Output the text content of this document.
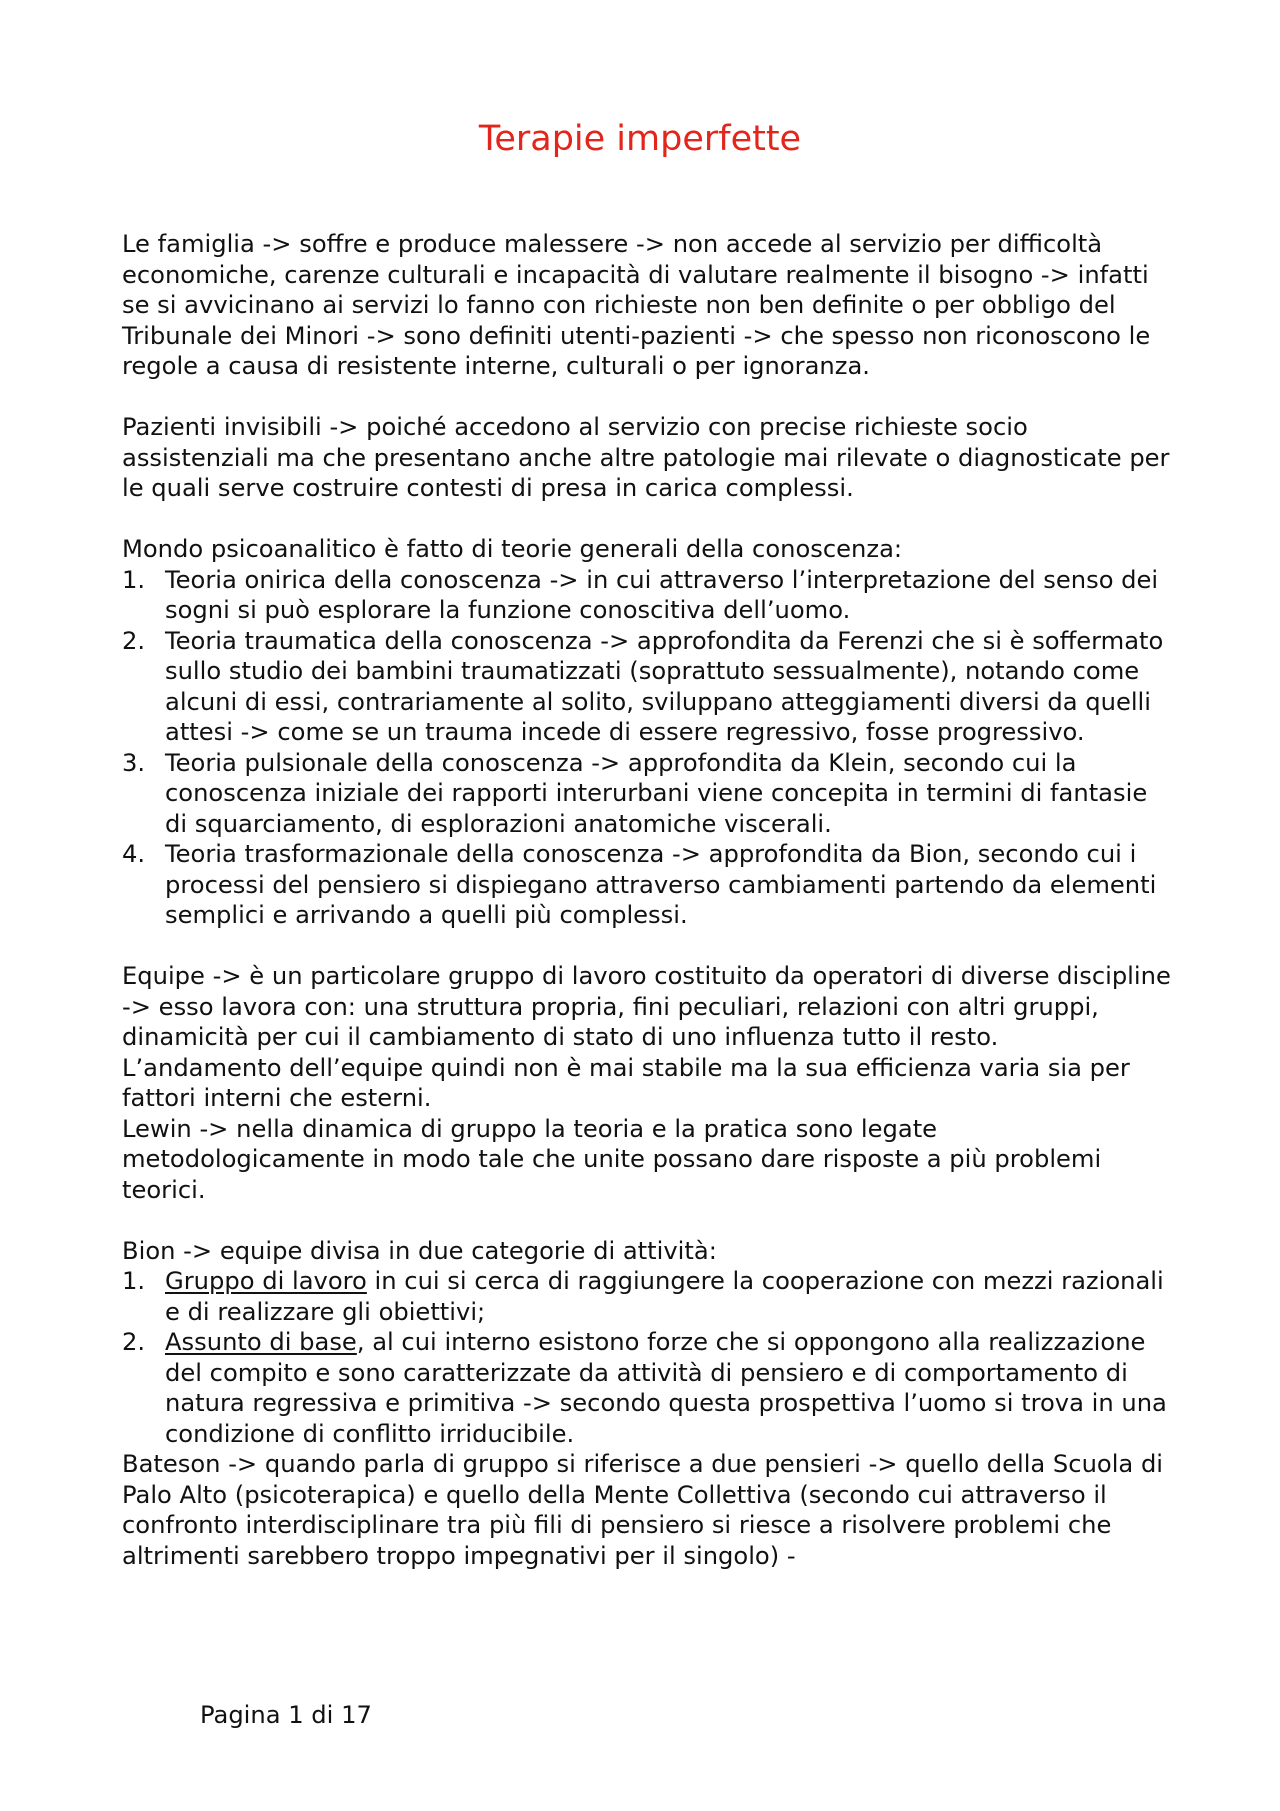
Terapie imperfette

Le famiglia -> soffre e produce malessere -> non accede al servizio per difficoltà economiche, carenze culturali e incapacità di valutare realmente il bisogno -> infatti se si avvicinano ai servizi lo fanno con richieste non ben definite o per obbligo del Tribunale dei Minori -> sono definiti utenti-pazienti -> che spesso non riconoscono le regole a causa di resistente interne, culturali o per ignoranza.

Pazienti invisibili -> poiché accedono al servizio con precise richieste socio assistenziali ma che presentano anche altre patologie mai rilevate o diagnosticate per le quali serve costruire contesti di presa in carica complessi.

Mondo psicoanalitico è fatto di teorie generali della conoscenza:

1. Teoria onirica della conoscenza -> in cui attraverso l’interpretazione del senso dei sogni si può esplorare la funzione conoscitiva dell’uomo.
2. Teoria traumatica della conoscenza -> approfondita da Ferenzi che si è soffermato sullo studio dei bambini traumatizzati (soprattuto sessualmente), notando come alcuni di essi, contrariamente al solito, sviluppano atteggiamenti diversi da quelli attesi -> come se un trauma incede di essere regressivo, fosse progressivo.
3. Teoria pulsionale della conoscenza -> approfondita da Klein, secondo cui la conoscenza iniziale dei rapporti interurbani viene concepita in termini di fantasie di squarciamento, di esplorazioni anatomiche viscerali.
4. Teoria trasformazionale della conoscenza -> approfondita da Bion, secondo cui i processi del pensiero si dispiegano attraverso cambiamenti partendo da elementi semplici e arrivando a quelli più complessi.

Equipe -> è un particolare gruppo di lavoro costituito da operatori di diverse discipline -> esso lavora con: una struttura propria, fini peculiari, relazioni con altri gruppi, dinamicità per cui il cambiamento di stato di uno influenza tutto il resto.

L’andamento dell’equipe quindi non è mai stabile ma la sua efficienza varia sia per fattori interni che esterni.

Lewin -> nella dinamica di gruppo la teoria e la pratica sono legate metodologicamente in modo tale che unite possano dare risposte a più problemi teorici.

Bion -> equipe divisa in due categorie di attività:

1. Gruppo di lavoro in cui si cerca di raggiungere la cooperazione con mezzi razionali e di realizzare gli obiettivi;
2. Assunto di base, al cui interno esistono forze che si oppongono alla realizzazione del compito e sono caratterizzate da attività di pensiero e di comportamento di natura regressiva e primitiva -> secondo questa prospettiva l’uomo si trova in una condizione di conflitto irriducibile.

Bateson -> quando parla di gruppo si riferisce a due pensieri -> quello della Scuola di Palo Alto (psicoterapica) e quello della Mente Collettiva (secondo cui attraverso il confronto interdisciplinare tra più fili di pensiero si riesce a risolvere problemi che altrimenti sarebbero troppo impegnativi per il singolo) -

Pagina 1 di 17
